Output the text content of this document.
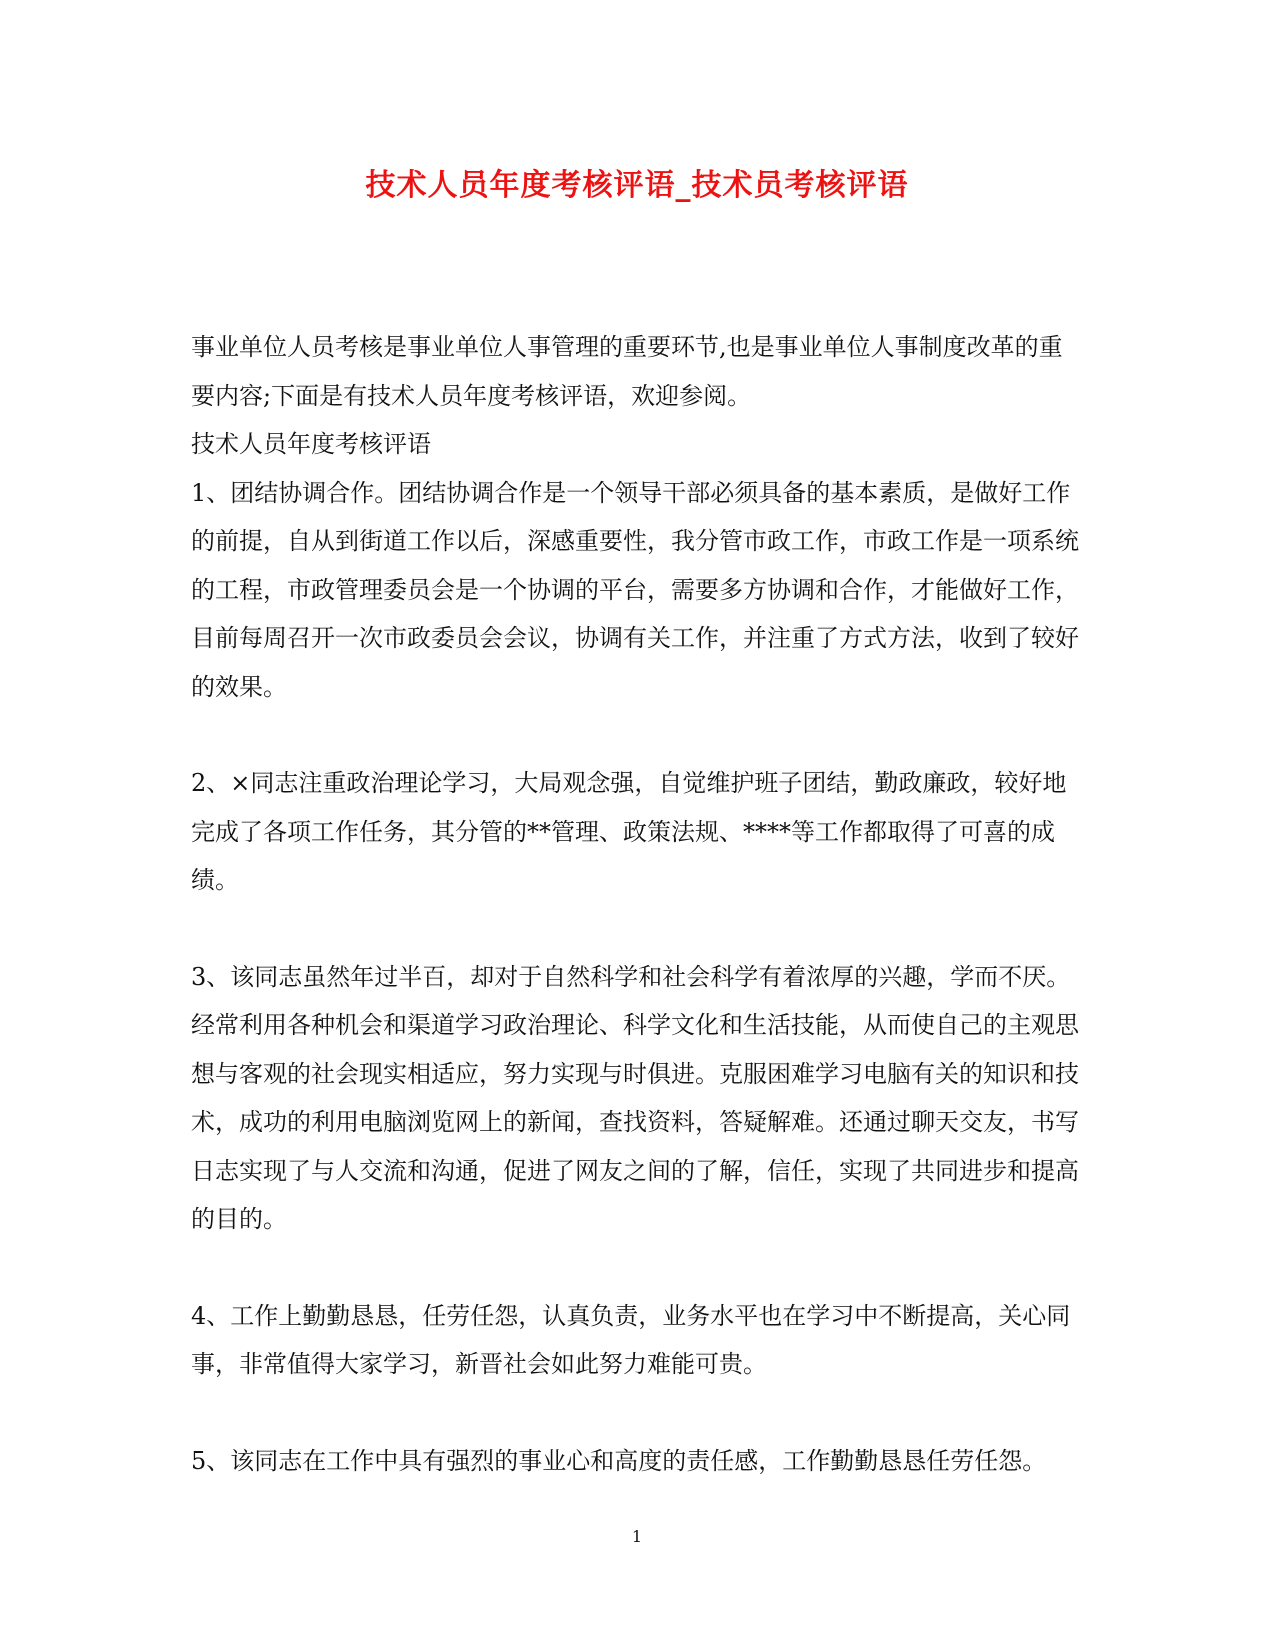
技术人员年度考核评语_技术员考核评语

事业单位人员考核是事业单位人事管理的重要环节,也是事业单位人事制度改革的重要内容;下面是有技术人员年度考核评语，欢迎参阅。

技术人员年度考核评语

1、团结协调合作。团结协调合作是一个领导干部必须具备的基本素质，是做好工作的前提，自从到街道工作以后，深感重要性，我分管市政工作，市政工作是一项系统的工程，市政管理委员会是一个协调的平台，需要多方协调和合作，才能做好工作，目前每周召开一次市政委员会会议，协调有关工作，并注重了方式方法，收到了较好的效果。

2、×同志注重政治理论学习，大局观念强，自觉维护班子团结，勤政廉政，较好地完成了各项工作任务，其分管的**管理、政策法规、****等工作都取得了可喜的成绩。

3、该同志虽然年过半百，却对于自然科学和社会科学有着浓厚的兴趣，学而不厌。经常利用各种机会和渠道学习政治理论、科学文化和生活技能，从而使自己的主观思想与客观的社会现实相适应，努力实现与时俱进。克服困难学习电脑有关的知识和技术，成功的利用电脑浏览网上的新闻，查找资料，答疑解难。还通过聊天交友，书写日志实现了与人交流和沟通，促进了网友之间的了解，信任，实现了共同进步和提高的目的。

4、工作上勤勤恳恳，任劳任怨，认真负责，业务水平也在学习中不断提高，关心同事，非常值得大家学习，新晋社会如此努力难能可贵。

5、该同志在工作中具有强烈的事业心和高度的责任感，工作勤勤恳恳任劳任怨。

1
